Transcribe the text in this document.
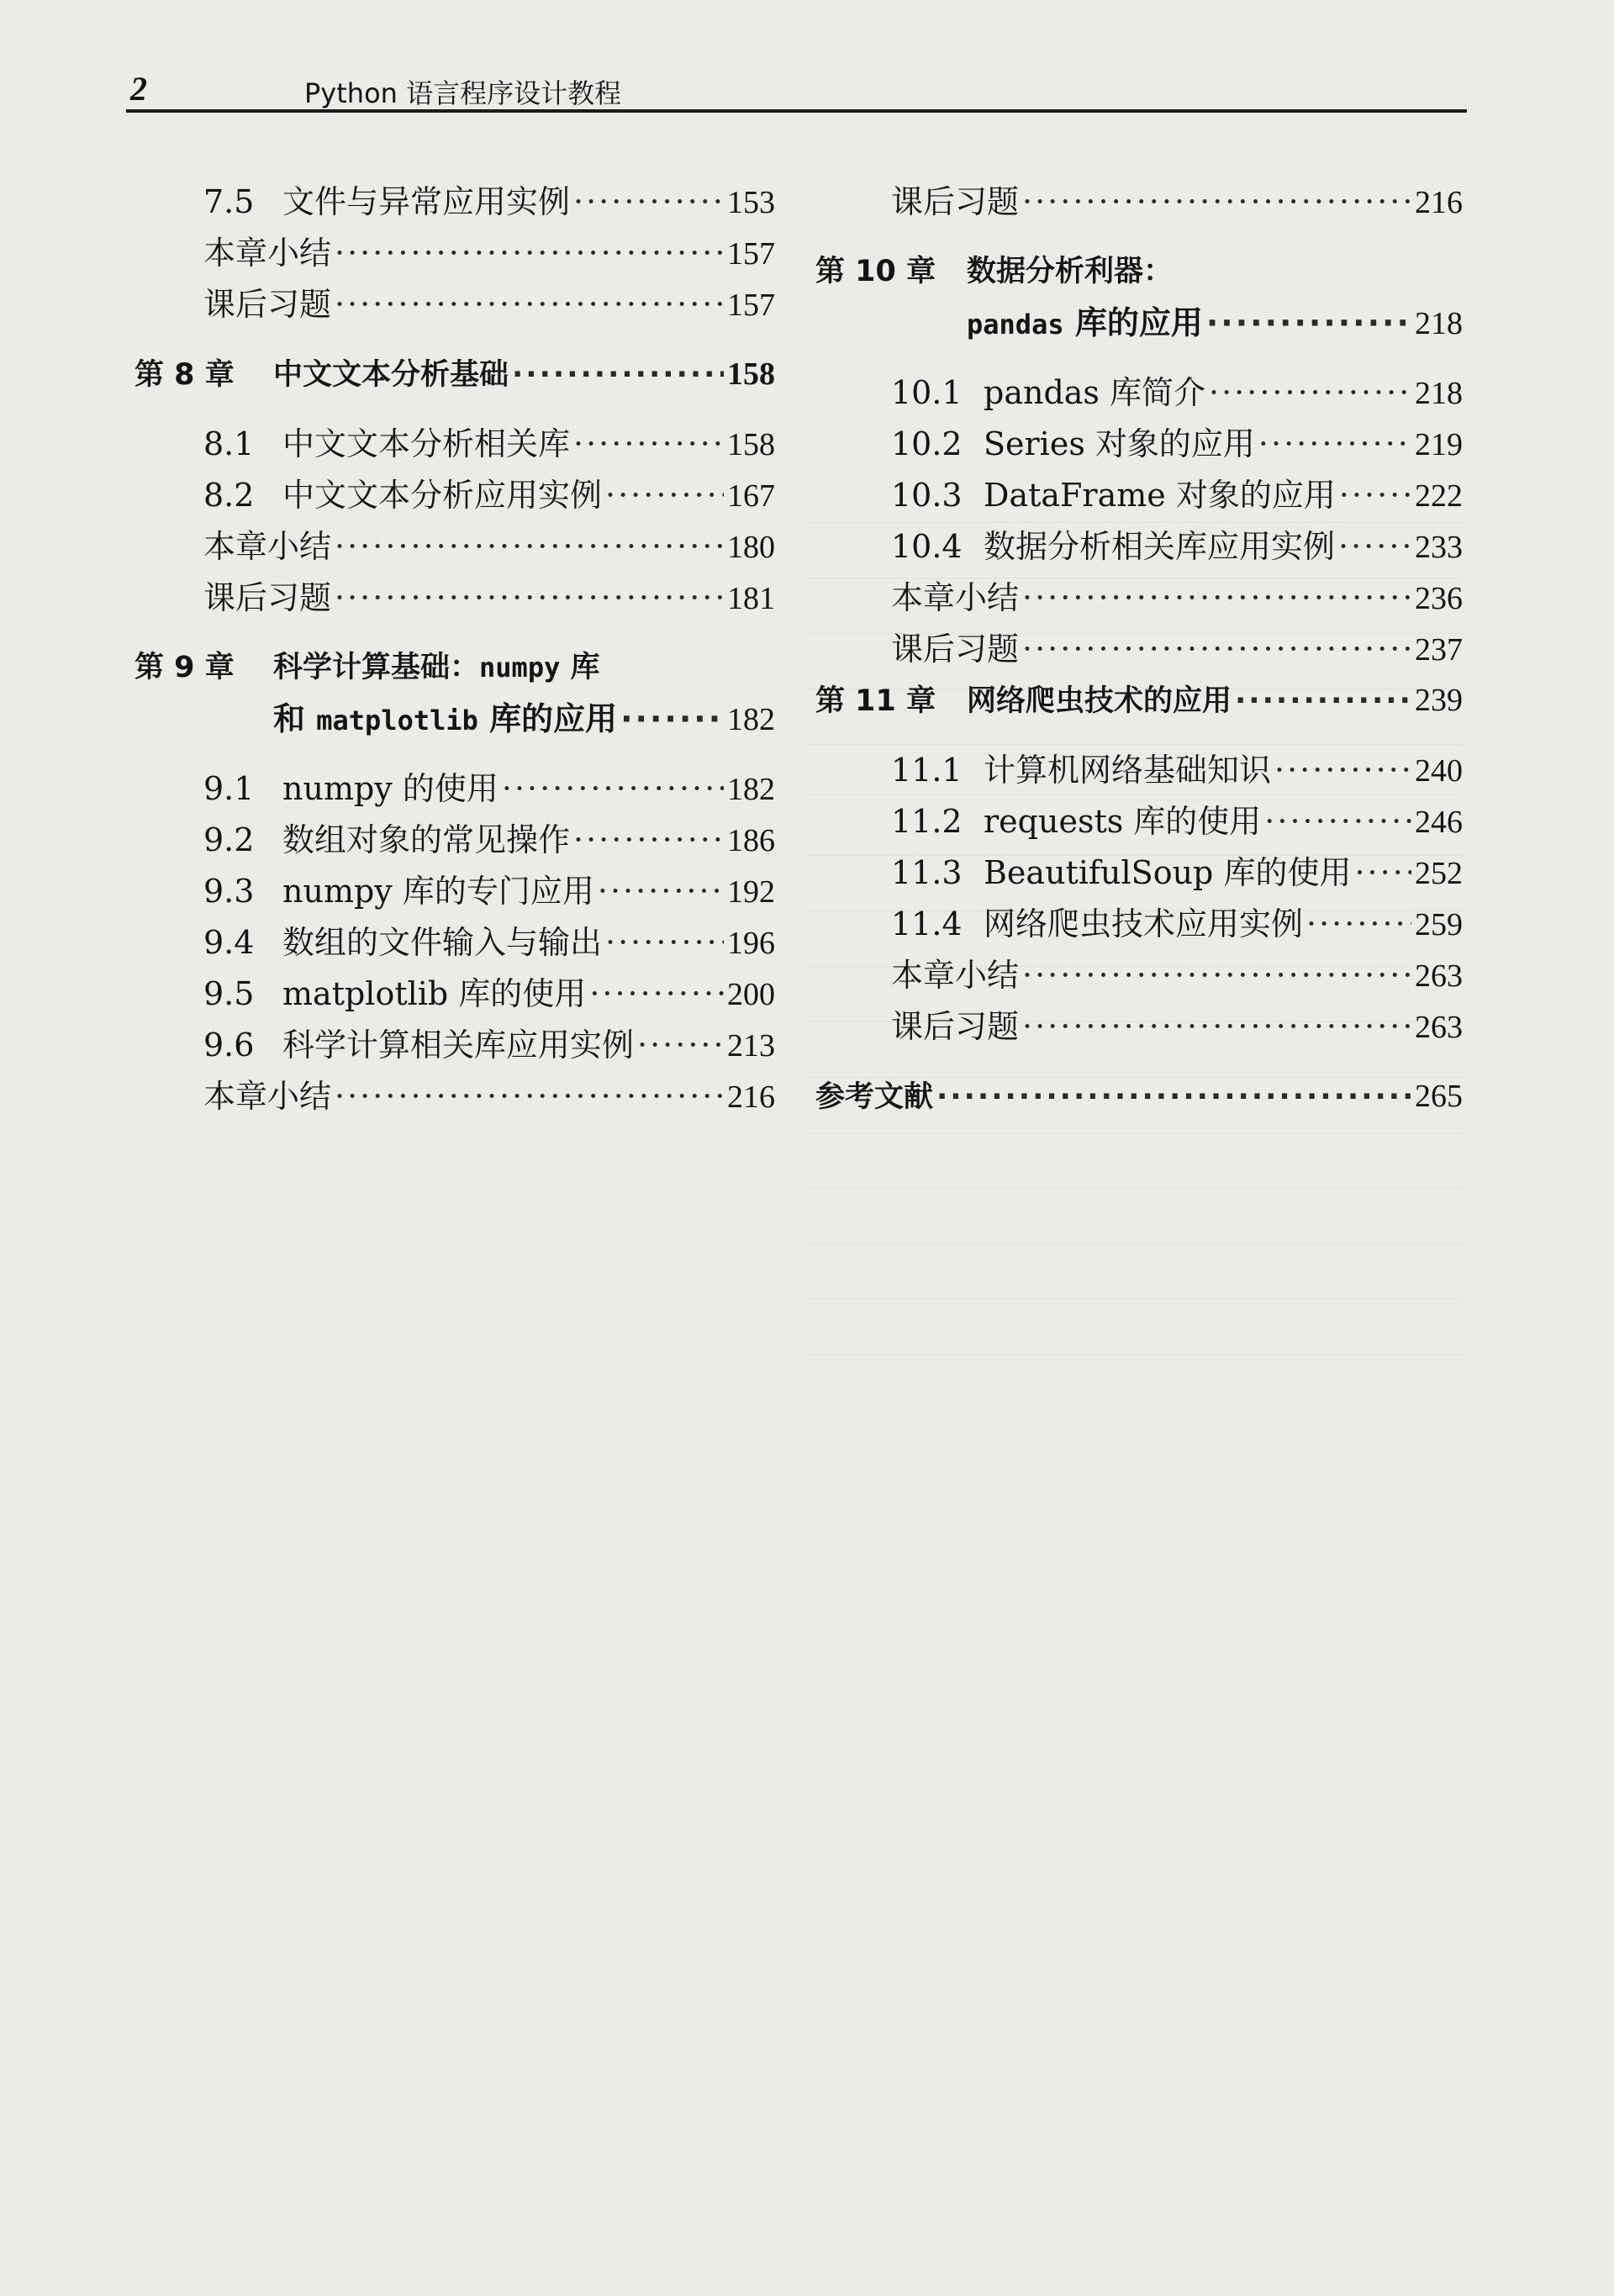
2	Python 语言程序设计教程
7.5 文件与异常应用实例 ·····	153
本章小结 ·····	157
课后习题 ·····	157
第 8 章	中文文本分析基础 ·····	158
8.1 中文文本分析相关库 ·····	158
8.2 中文文本分析应用实例 ·····	167
本章小结 ·····	180
课后习题 ·····	181
第 9 章	科学计算基础：numpy 库
和 matplotlib 库的应用 ·····	182
9.1 numpy 的使用 ·····	182
9.2 数组对象的常见操作 ·····	186
9.3 numpy 库的专门应用 ·····	192
9.4 数组的文件输入与输出 ·····	196
9.5 matplotlib 库的使用 ·····	200
9.6 科学计算相关库应用实例 ·····	213
本章小结 ·····	216
课后习题 ·····	216
第 10 章	数据分析利器：
pandas 库的应用 ·····	218
10.1 pandas 库简介 ·····	218
10.2 Series 对象的应用 ·····	219
10.3 DataFrame 对象的应用 ····· 222
10.4 数据分析相关库应用实例 ····· 233
本章小结 ·····	236
课后习题 ·····	237
第 11 章	网络爬虫技术的应用 ·····	239
11.1 计算机网络基础知识 ·····	240
11.2 requests 库的使用 ·····	246
11.3 BeautifulSoup 库的使用 ····· 252
11.4 网络爬虫技术应用实例 ·····	259
本章小结 ·····	263
课后习题 ·····	263
参考文献 ·····	265
